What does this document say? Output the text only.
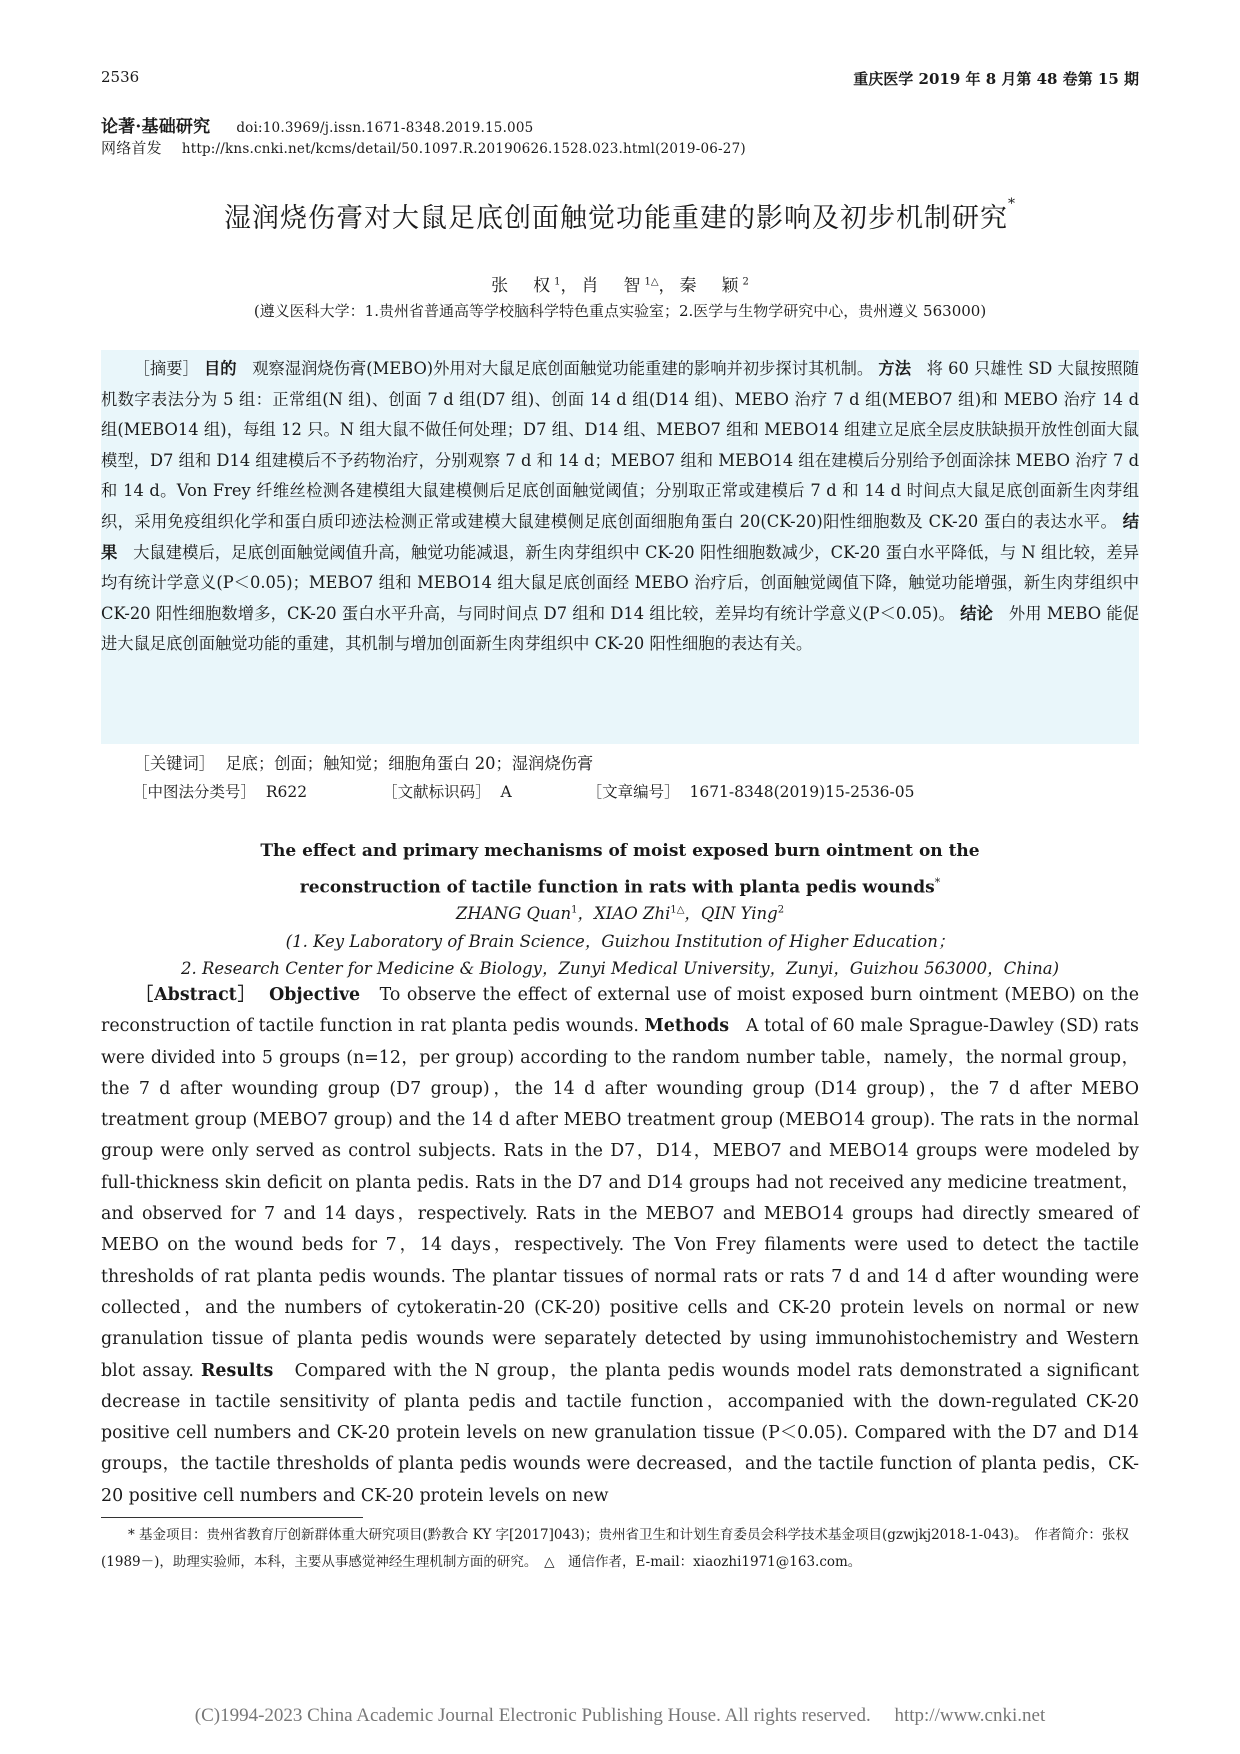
2536	重庆医学 2019 年 8 月第 48 卷第 15 期
论著·基础研究 doi:10.3969/j.issn.1671-8348.2019.15.005
网络首发 http://kns.cnki.net/kcms/detail/50.1097.R.20190626.1528.023.html(2019-06-27)
湿润烧伤膏对大鼠足底创面触觉功能重建的影响及初步机制研究*
张　权$^1$，肖　智$^{1\triangle}$，秦　颖$^2$
(遵义医科大学：1.贵州省普通高等学校脑科学特色重点实验室；2.医学与生物学研究中心，贵州遵义 563000)
［摘要］ 目的 观察湿润烧伤膏(MEBO)外用对大鼠足底创面触觉功能重建的影响并初步探讨其机制。 方法 将 60 只雄性 SD 大鼠按照随机数字表法分为 5 组：正常组(N 组)、创面 7 d 组(D7 组)、创面 14 d 组(D14 组)、MEBO 治疗 7 d 组(MEBO7 组)和 MEBO 治疗 14 d 组(MEBO14 组)，每组 12 只。N 组大鼠不做任何处理；D7 组、D14 组、MEBO7 组和 MEBO14 组建立足底全层皮肤缺损开放性创面大鼠模型，D7 组和 D14 组建模后不予药物治疗，分别观察 7 d 和 14 d；MEBO7 组和 MEBO14 组在建模后分别给予创面涂抹 MEBO 治疗 7 d 和 14 d。Von Frey 纤维丝检测各建模组大鼠建模侧后足底创面触觉阈值；分别取正常或建模后 7 d 和 14 d 时间点大鼠足底创面新生肉芽组织，采用免疫组织化学和蛋白质印迹法检测正常或建模大鼠建模侧足底创面细胞角蛋白 20(CK-20)阳性细胞数及 CK-20 蛋白的表达水平。 结果 大鼠建模后，足底创面触觉阈值升高，触觉功能减退，新生肉芽组织中 CK-20 阳性细胞数减少，CK-20 蛋白水平降低，与 N 组比较，差异均有统计学意义(P＜0.05)；MEBO7 组和 MEBO14 组大鼠足底创面经 MEBO 治疗后，创面触觉阈值下降，触觉功能增强，新生肉芽组织中 CK-20 阳性细胞数增多，CK-20 蛋白水平升高，与同时间点 D7 组和 D14 组比较，差异均有统计学意义(P＜0.05)。 结论 外用 MEBO 能促进大鼠足底创面触觉功能的重建，其机制与增加创面新生肉芽组织中 CK-20 阳性细胞的表达有关。
［关键词］ 足底；创面；触知觉；细胞角蛋白 20；湿润烧伤膏
［中图法分类号］ R622	［文献标识码］ A	［文章编号］ 1671-8348(2019)15-2536-05
The effect and primary mechanisms of moist exposed burn ointment on the
reconstruction of tactile function in rats with planta pedis wounds*
ZHANG Quan$^1$，XIAO Zhi$^{1\triangle}$，QIN Ying$^2$
(1. Key Laboratory of Brain Science，Guizhou Institution of Higher Education；
2. Research Center for Medicine & Biology，Zunyi Medical University，Zunyi，Guizhou 563000，China)
［Abstract］ Objective To observe the effect of external use of moist exposed burn ointment (MEBO) on the reconstruction of tactile function in rat planta pedis wounds. Methods A total of 60 male Sprague-Dawley (SD) rats were divided into 5 groups (n=12，per group) according to the random number table，namely，the normal group，the 7 d after wounding group (D7 group)，the 14 d after wounding group (D14 group)，the 7 d after MEBO treatment group (MEBO7 group) and the 14 d after MEBO treatment group (MEBO14 group). The rats in the normal group were only served as control subjects. Rats in the D7，D14，MEBO7 and MEBO14 groups were modeled by full-thickness skin deficit on planta pedis. Rats in the D7 and D14 groups had not received any medicine treatment，and observed for 7 and 14 days，respectively. Rats in the MEBO7 and MEBO14 groups had directly smeared of MEBO on the wound beds for 7，14 days，respectively. The Von Frey filaments were used to detect the tactile thresholds of rat planta pedis wounds. The plantar tissues of normal rats or rats 7 d and 14 d after wounding were collected，and the numbers of cytokeratin-20 (CK-20) positive cells and CK-20 protein levels on normal or new granulation tissue of planta pedis wounds were separately detected by using immunohistochemistry and Western blot assay. Results Compared with the N group，the planta pedis wounds model rats demonstrated a significant decrease in tactile sensitivity of planta pedis and tactile function，accompanied with the down-regulated CK-20 positive cell numbers and CK-20 protein levels on new granulation tissue (P＜0.05). Compared with the D7 and D14 groups，the tactile thresholds of planta pedis wounds were decreased，and the tactile function of planta pedis，CK-20 positive cell numbers and CK-20 protein levels on new
* 基金项目：贵州省教育厅创新群体重大研究项目(黔教合 KY 字[2017]043)；贵州省卫生和计划生育委员会科学技术基金项目(gzwjkj2018-1-043)。　作者简介：张权(1989－)，助理实验师，本科，主要从事感觉神经生理机制方面的研究。　△　通信作者，E-mail：xiaozhi1971@163.com。
(C)1994-2023 China Academic Journal Electronic Publishing House. All rights reserved.　 http://www.cnki.net
